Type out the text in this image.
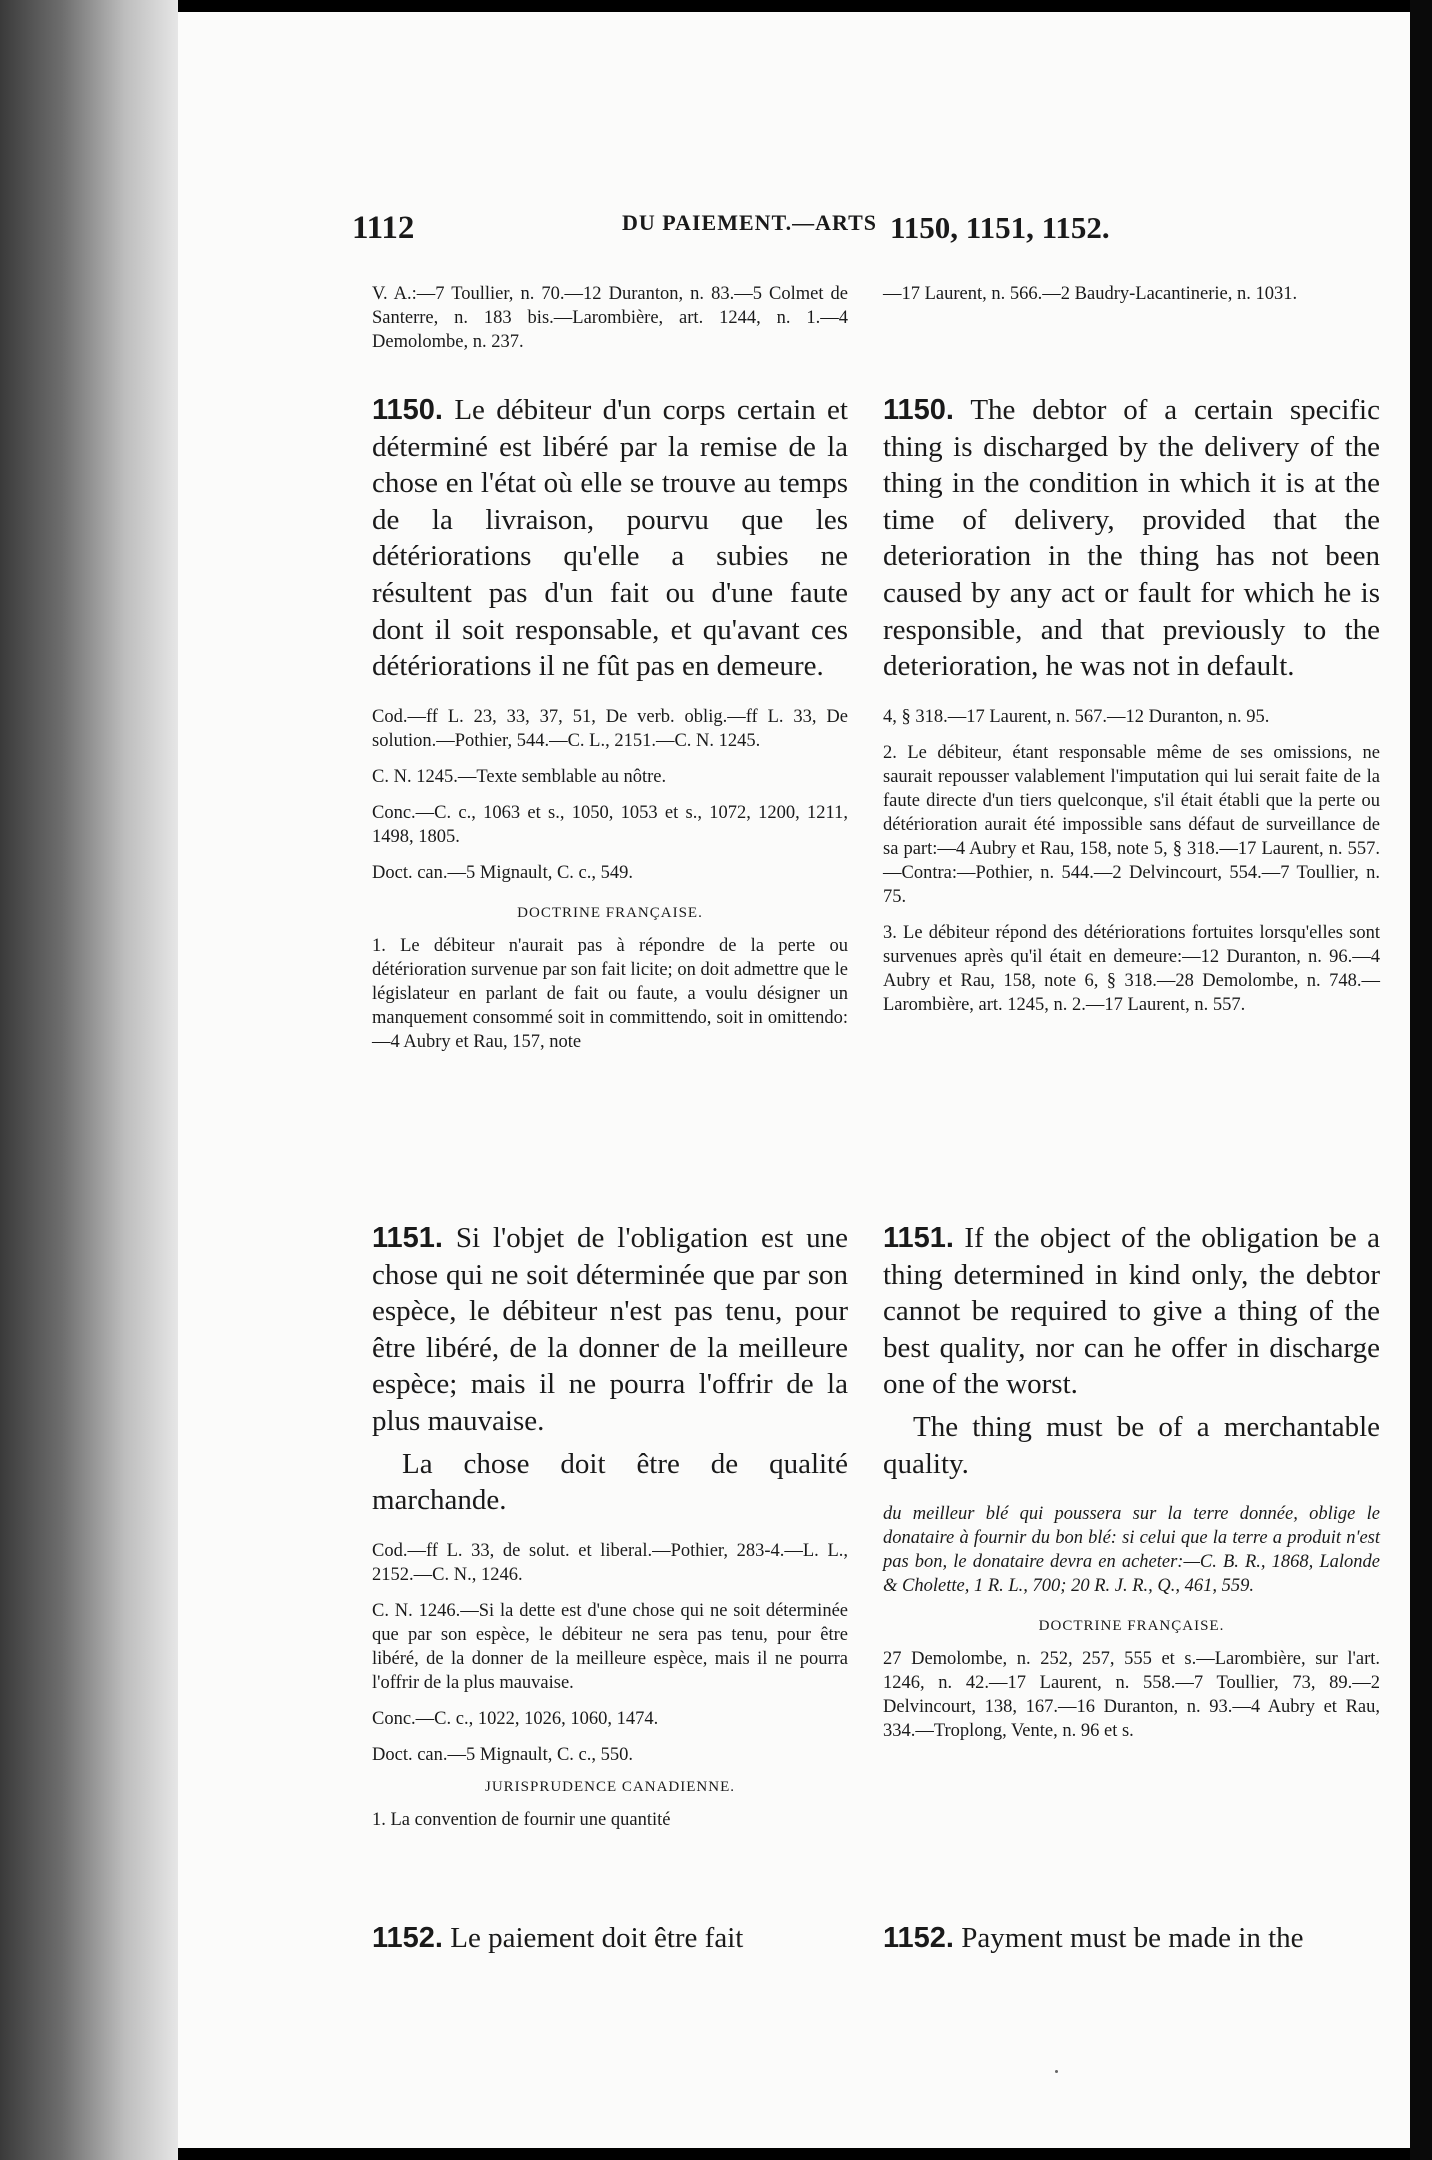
1112	DU PAIEMENT.—ARTS 1150, 1151, 1152.

V. A.:—7 Toullier, n. 70.—12 Duranton, n. 83.—5 Colmet de Santerre, n. 183 bis.—Larombière, art. 1244, n. 1.—4 Demolombe, n. 237.

—17 Laurent, n. 566.—2 Baudry-Lacantinerie, n. 1031.

1150. Le débiteur d'un corps certain et déterminé est libéré par la remise de la chose en l'état où elle se trouve au temps de la livraison, pourvu que les détériorations qu'elle a subies ne résultent pas d'un fait ou d'une faute dont il soit responsable, et qu'avant ces détériorations il ne fût pas en demeure.

Cod.—ff L. 23, 33, 37, 51, De verb. oblig.—ff L. 33, De solution.—Pothier, 544.—C. L., 2151.—C. N. 1245.

C. N. 1245.—Texte semblable au nôtre.

Conc.—C. c., 1063 et s., 1050, 1053 et s., 1072, 1200, 1211, 1498, 1805.

Doct. can.—5 Mignault, C. c., 549.

DOCTRINE FRANÇAISE.

1. Le débiteur n'aurait pas à répondre de la perte ou détérioration survenue par son fait licite; on doit admettre que le législateur en parlant de fait ou faute, a voulu désigner un manquement consommé soit in committendo, soit in omittendo:—4 Aubry et Rau, 157, note

1150. The debtor of a certain specific thing is discharged by the delivery of the thing in the condition in which it is at the time of delivery, provided that the deterioration in the thing has not been caused by any act or fault for which he is responsible, and that previously to the deterioration, he was not in default.

4, § 318.—17 Laurent, n. 567.—12 Duranton, n. 95.

2. Le débiteur, étant responsable même de ses omissions, ne saurait repousser valablement l'imputation qui lui serait faite de la faute directe d'un tiers quelconque, s'il était établi que la perte ou détérioration aurait été impossible sans défaut de surveillance de sa part:—4 Aubry et Rau, 158, note 5, § 318.—17 Laurent, n. 557.—Contra:—Pothier, n. 544.—2 Delvincourt, 554.—7 Toullier, n. 75.

3. Le débiteur répond des détériorations fortuites lorsqu'elles sont survenues après qu'il était en demeure:—12 Duranton, n. 96.—4 Aubry et Rau, 158, note 6, § 318.—28 Demolombe, n. 748.—Larombière, art. 1245, n. 2.—17 Laurent, n. 557.

1151. Si l'objet de l'obligation est une chose qui ne soit déterminée que par son espèce, le débiteur n'est pas tenu, pour être libéré, de la donner de la meilleure espèce; mais il ne pourra l'offrir de la plus mauvaise.

La chose doit être de qualité marchande.

Cod.—ff L. 33, de solut. et liberal.—Pothier, 283-4.—L. L., 2152.—C. N., 1246.

C. N. 1246.—Si la dette est d'une chose qui ne soit déterminée que par son espèce, le débiteur ne sera pas tenu, pour être libéré, de la donner de la meilleure espèce, mais il ne pourra l'offrir de la plus mauvaise.

Conc.—C. c., 1022, 1026, 1060, 1474.

Doct. can.—5 Mignault, C. c., 550.

JURISPRUDENCE CANADIENNE.

1. La convention de fournir une quantité

1151. If the object of the obligation be a thing determined in kind only, the debtor cannot be required to give a thing of the best quality, nor can he offer in discharge one of the worst.

The thing must be of a merchantable quality.

du meilleur blé qui poussera sur la terre donnée, oblige le donataire à fournir du bon blé: si celui que la terre a produit n'est pas bon, le donataire devra en acheter:—C. B. R., 1868, Lalonde & Cholette, 1 R. L., 700; 20 R. J. R., Q., 461, 559.

DOCTRINE FRANÇAISE.

27 Demolombe, n. 252, 257, 555 et s.—Larombière, sur l'art. 1246, n. 42.—17 Laurent, n. 558.—7 Toullier, 73, 89.—2 Delvincourt, 138, 167.—16 Duranton, n. 93.—4 Aubry et Rau, 334.—Troplong, Vente, n. 96 et s.

1152. Le paiement doit être fait	1152. Payment must be made in the
